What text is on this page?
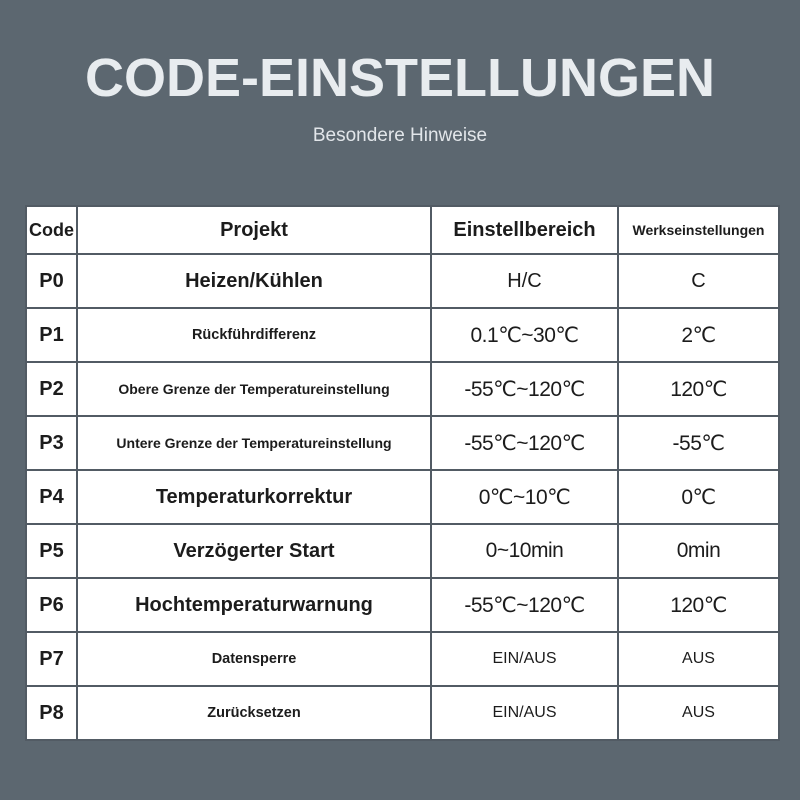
CODE-EINSTELLUNGEN
Besondere Hinweise
Code	Projekt	Einstellbereich	Werkseinstellungen
P0	Heizen/Kühlen	H/C	C
P1	Rückführdifferenz	0.1℃~30℃	2℃
P2	Obere Grenze der Temperatureinstellung	-55℃~120℃	120℃
P3	Untere Grenze der Temperatureinstellung	-55℃~120℃	-55℃
P4	Temperaturkorrektur	0℃~10℃	0℃
P5	Verzögerter Start	0~10min	0min
P6	Hochtemperaturwarnung	-55℃~120℃	120℃
P7	Datensperre	EIN/AUS	AUS
P8	Zurücksetzen	EIN/AUS	AUS
